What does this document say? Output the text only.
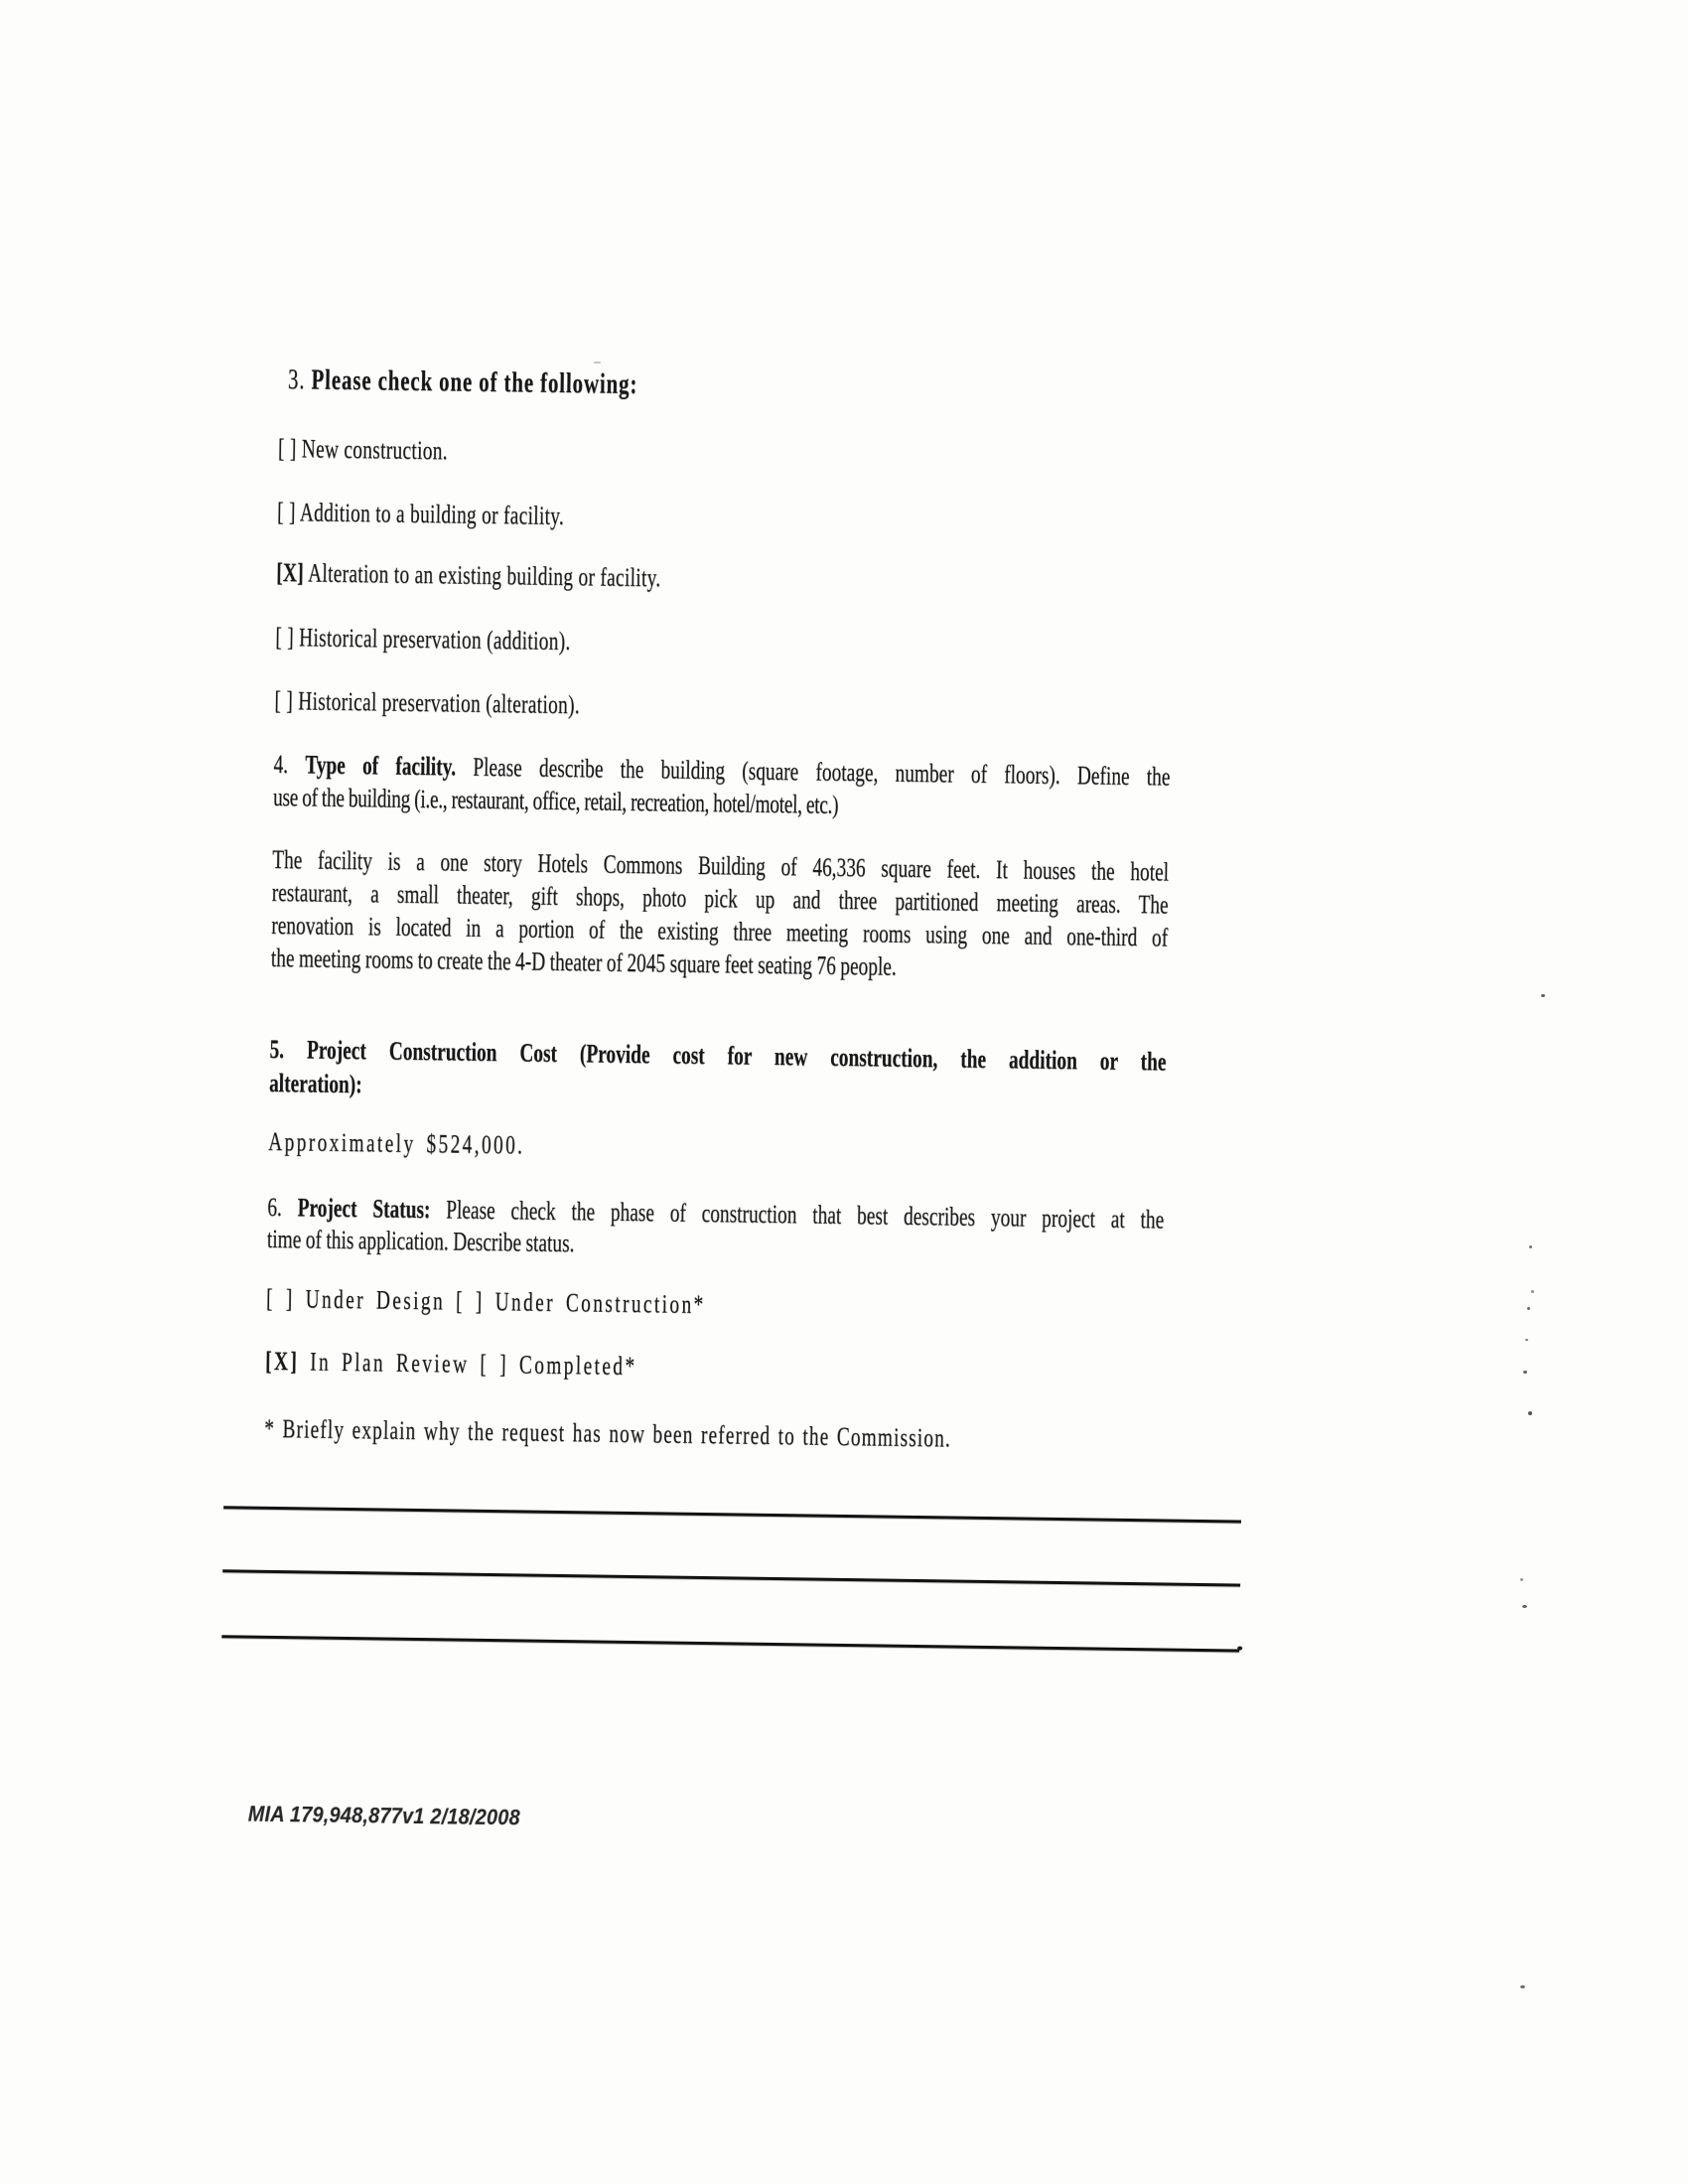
3. Please check one of the following:
[ ] New construction.
[ ] Addition to a building or facility.
[X] Alteration to an existing building or facility.
[ ] Historical preservation (addition).
[ ] Historical preservation (alteration).
4. Type of facility. Please describe the building (square footage, number of floors). Define the
use of the building (i.e., restaurant, office, retail, recreation, hotel/motel, etc.)
The facility is a one story Hotels Commons Building of 46,336 square feet. It houses the hotel
restaurant, a small theater, gift shops, photo pick up and three partitioned meeting areas. The
renovation is located in a portion of the existing three meeting rooms using one and one-third of
the meeting rooms to create the 4-D theater of 2045 square feet seating 76 people.
5. Project Construction Cost (Provide cost for new construction, the addition or the
alteration):
Approximately $524,000.
6. Project Status: Please check the phase of construction that best describes your project at the
time of this application. Describe status.
[ ] Under Design [ ] Under Construction*
[X] In Plan Review [ ] Completed*
* Briefly explain why the request has now been referred to the Commission.
MIA 179,948,877v1 2/18/2008
